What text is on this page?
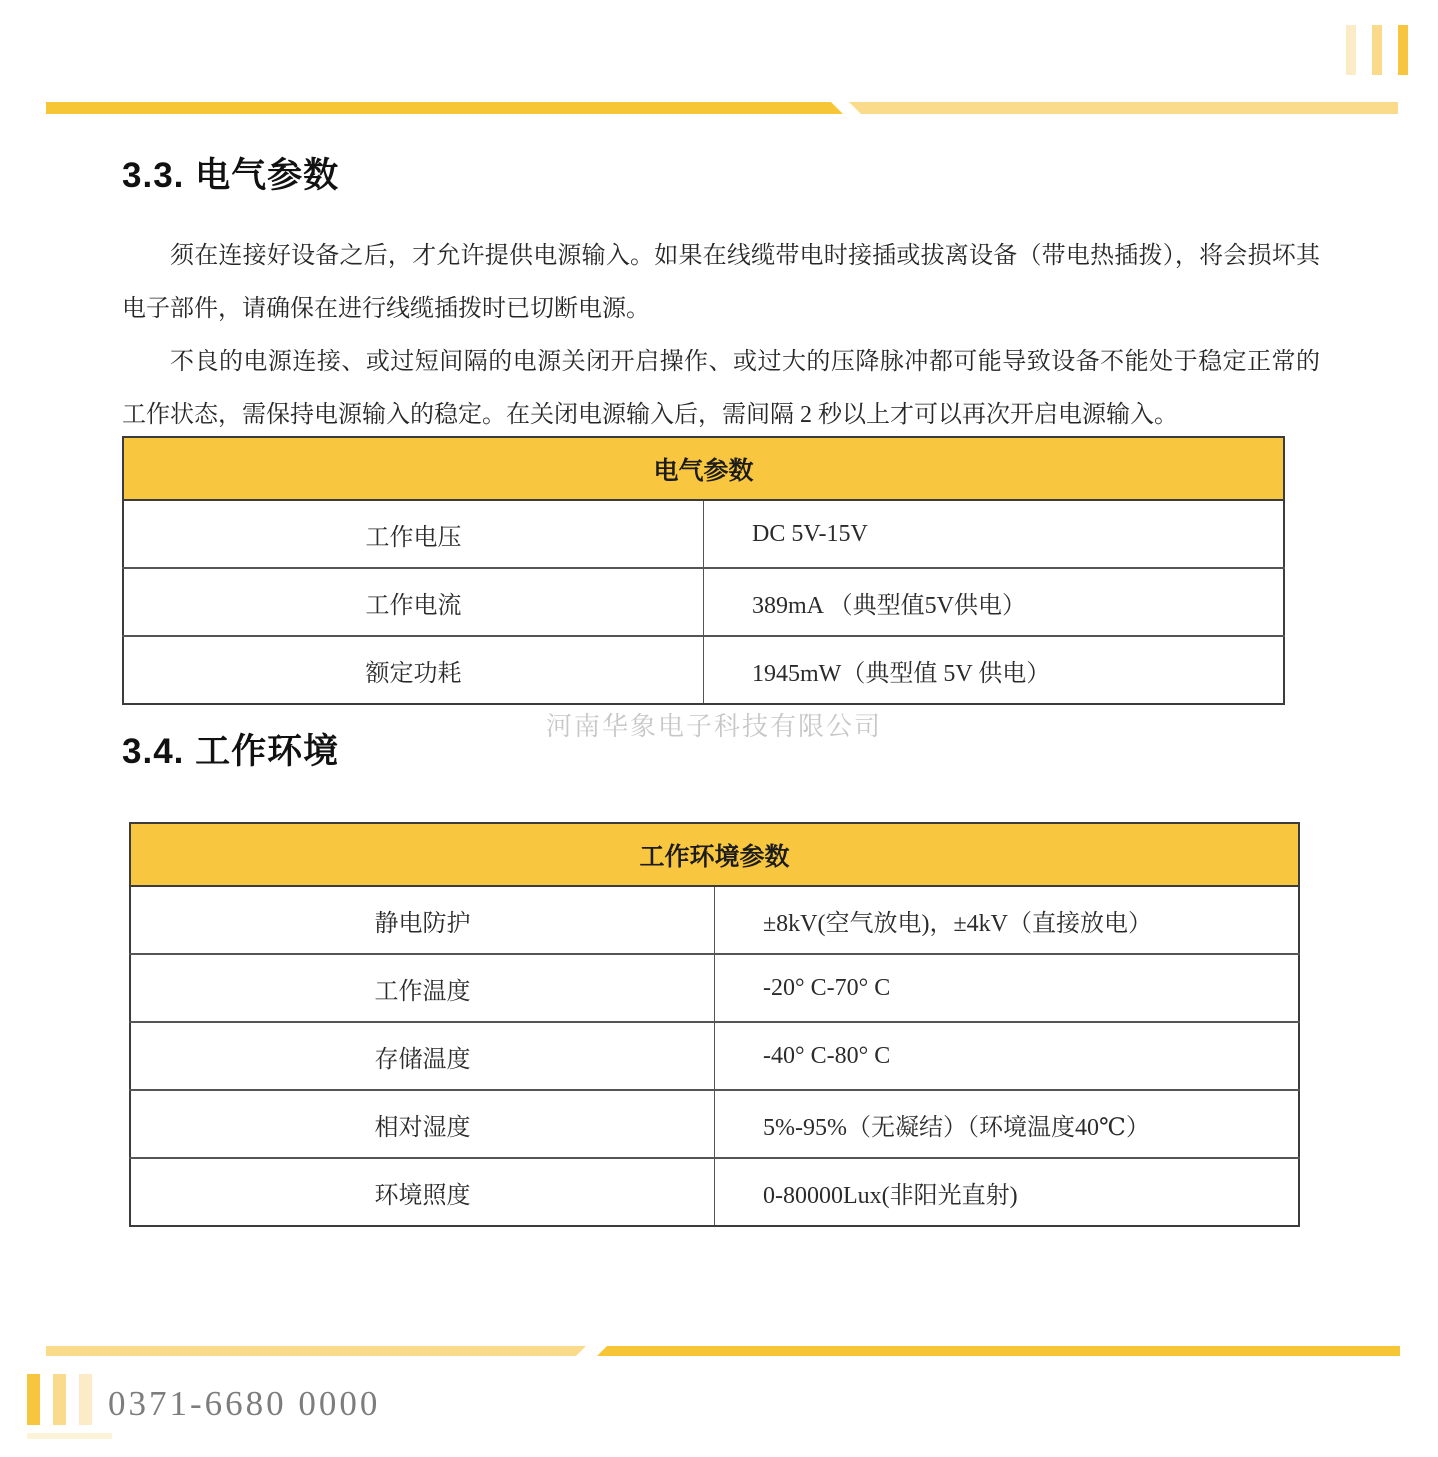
3.3. 电气参数

须在连接好设备之后，才允许提供电源输入。如果在线缆带电时接插或拔离设备（带电热插拨），将会损坏其电子部件，请确保在进行线缆插拨时已切断电源。

不良的电源连接、或过短间隔的电源关闭开启操作、或过大的压降脉冲都可能导致设备不能处于稳定正常的工作状态，需保持电源输入的稳定。在关闭电源输入后，需间隔 2 秒以上才可以再次开启电源输入。

电气参数	
工作电压	DC 5V-15V
工作电流	389mA （典型值5V供电）
额定功耗	1945mW（典型值 5V 供电）
河南华象电子科技有限公司
3.4. 工作环境
工作环境参数	
静电防护	±8kV(空气放电)，±4kV（直接放电）
工作温度	-20° C-70° C
存储温度	-40° C-80° C
相对湿度	5%-95%（无凝结）（环境温度40℃）
环境照度	0-80000Lux(非阳光直射)
0371-6680 0000
